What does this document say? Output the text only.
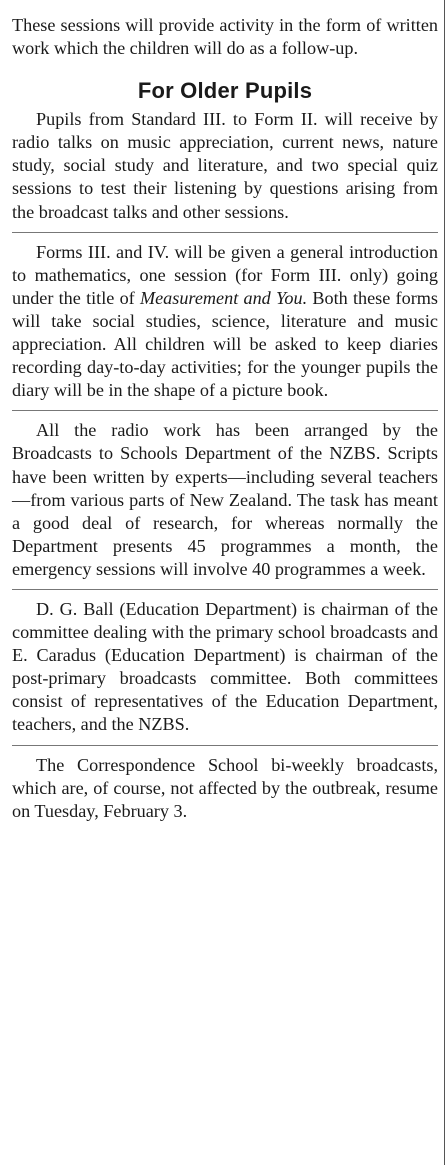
These sessions will provide activity in the form of written work which the children will do as a follow-up.

For Older Pupils

Pupils from Standard III. to Form II. will receive by radio talks on music appreciation, current news, nature study, social study and literature, and two special quiz sessions to test their listening by questions arising from the broadcast talks and other sessions.

Forms III. and IV. will be given a general introduction to mathematics, one session (for Form III. only) going under the title of Measurement and You. Both these forms will take social studies, science, literature and music appreciation. All children will be asked to keep diaries recording day-to-day activities; for the younger pupils the diary will be in the shape of a picture book.

All the radio work has been arranged by the Broadcasts to Schools Department of the NZBS. Scripts have been written by experts—including several teachers—from various parts of New Zealand. The task has meant a good deal of research, for whereas normally the Department presents 45 programmes a month, the emergency sessions will involve 40 programmes a week.

D. G. Ball (Education Department) is chairman of the committee dealing with the primary school broadcasts and E. Caradus (Education Department) is chairman of the post-primary broadcasts committee. Both committees consist of representatives of the Education Department, teachers, and the NZBS.

The Correspondence School bi-weekly broadcasts, which are, of course, not affected by the outbreak, resume on Tuesday, February 3.
